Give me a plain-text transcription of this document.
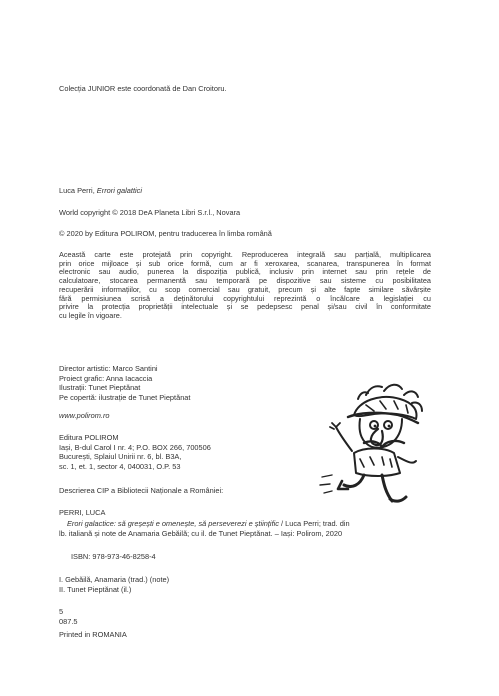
Colecția JUNIOR este coordonată de Dan Croitoru.
Luca Perri, Errori galattici
World copyright © 2018 DeA Planeta Libri S.r.l., Novara
© 2020 by Editura POLIROM, pentru traducerea în limba română
Această carte este protejată prin copyright. Reproducerea integrală sau parțială, multiplicarea
prin orice mijloace și sub orice formă, cum ar fi xeroxarea, scanarea, transpunerea în format
electronic sau audio, punerea la dispoziția publică, inclusiv prin internet sau prin rețele de
calculatoare, stocarea permanentă sau temporară pe dispozitive sau sisteme cu posibilitatea
recuperării informațiilor, cu scop comercial sau gratuit, precum și alte fapte similare săvârșite
fără permisiunea scrisă a deținătorului copyrightului reprezintă o încălcare a legislației cu
privire la protecția proprietății intelectuale și se pedepsesc penal și/sau civil în conformitate
cu legile în vigoare.
Director artistic: Marco Santini
Proiect grafic: Anna Iacaccia
Ilustrații: Tunet Pieptănat
Pe copertă: ilustrație de Tunet Pieptănat
www.polirom.ro
Editura POLIROM
Iași, B-dul Carol I nr. 4; P.O. BOX 266, 700506
București, Splaiul Unirii nr. 6, bl. B3A,
sc. 1, et. 1, sector 4, 040031, O.P. 53
Descrierea CIP a Bibliotecii Naționale a României:
PERRI, LUCA
Erori galactice: să greșești e omenește, să perseverezi e științific / Luca Perri; trad. din
lb. italiană și note de Anamaria Gebăilă; cu il. de Tunet Pieptănat. – Iași: Polirom, 2020
ISBN: 978-973-46-8258-4
I. Gebăilă, Anamaria (trad.) (note)
II. Tunet Pieptănat (il.)
5
087.5
Printed in ROMANIA
